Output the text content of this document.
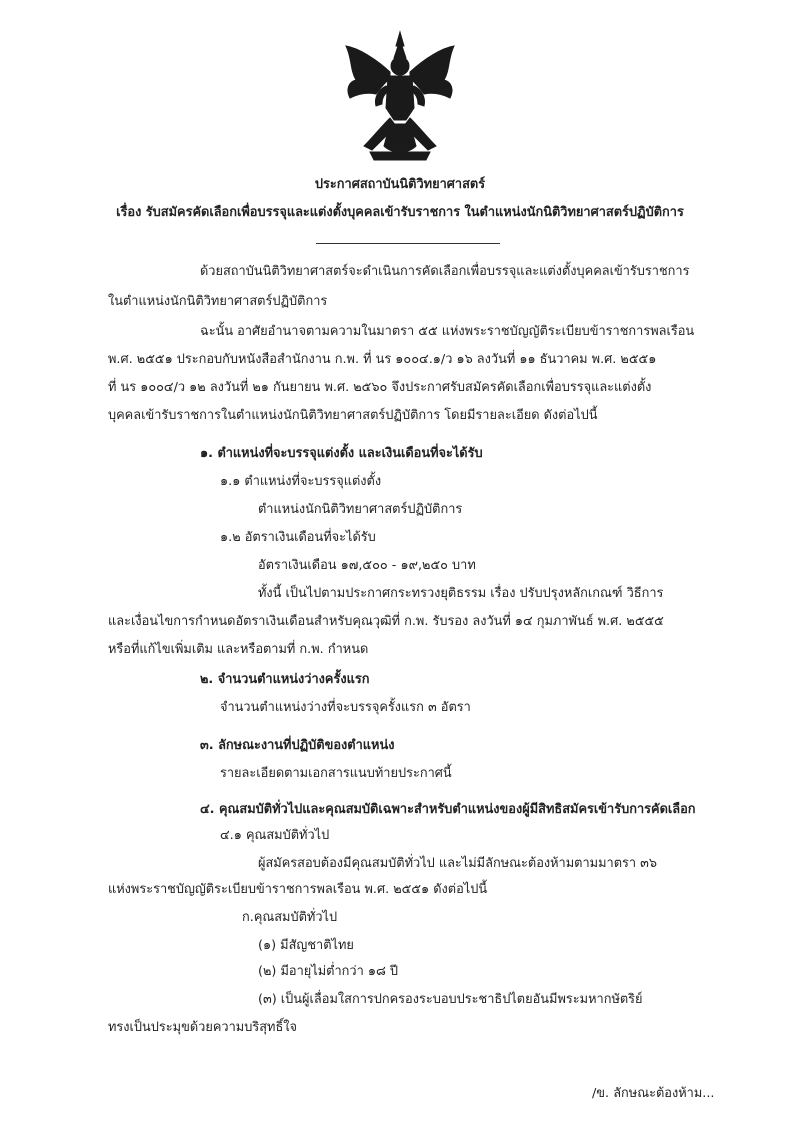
ประกาศสถาบันนิติวิทยาศาสตร์
เรื่อง รับสมัครคัดเลือกเพื่อบรรจุและแต่งตั้งบุคคลเข้ารับราชการ ในตำแหน่งนักนิติวิทยาศาสตร์ปฏิบัติการ
ด้วยสถาบันนิติวิทยาศาสตร์จะดำเนินการคัดเลือกเพื่อบรรจุและแต่งตั้งบุคคลเข้ารับราชการ
ในตำแหน่งนักนิติวิทยาศาสตร์ปฏิบัติการ
ฉะนั้น อาศัยอำนาจตามความในมาตรา ๕๕ แห่งพระราชบัญญัติระเบียบข้าราชการพลเรือน
พ.ศ. ๒๕๕๑ ประกอบกับหนังสือสำนักงาน ก.พ. ที่ นร ๑๐๐๔.๑/ว ๑๖ ลงวันที่ ๑๑ ธันวาคม พ.ศ. ๒๕๕๑
ที่ นร ๑๐๐๔/ว ๑๒ ลงวันที่ ๒๑ กันยายน พ.ศ. ๒๕๖๐ จึงประกาศรับสมัครคัดเลือกเพื่อบรรจุและแต่งตั้ง
บุคคลเข้ารับราชการในตำแหน่งนักนิติวิทยาศาสตร์ปฏิบัติการ โดยมีรายละเอียด ดังต่อไปนี้
๑. ตำแหน่งที่จะบรรจุแต่งตั้ง และเงินเดือนที่จะได้รับ
๑.๑ ตำแหน่งที่จะบรรจุแต่งตั้ง
ตำแหน่งนักนิติวิทยาศาสตร์ปฏิบัติการ
๑.๒ อัตราเงินเดือนที่จะได้รับ
อัตราเงินเดือน ๑๗,๕๐๐ - ๑๙,๒๕๐ บาท
ทั้งนี้ เป็นไปตามประกาศกระทรวงยุติธรรม เรื่อง ปรับปรุงหลักเกณฑ์ วิธีการ
และเงื่อนไขการกำหนดอัตราเงินเดือนสำหรับคุณวุฒิที่ ก.พ. รับรอง ลงวันที่ ๑๔ กุมภาพันธ์ พ.ศ. ๒๕๕๕
หรือที่แก้ไขเพิ่มเติม และหรือตามที่ ก.พ. กำหนด
๒. จำนวนตำแหน่งว่างครั้งแรก
จำนวนตำแหน่งว่างที่จะบรรจุครั้งแรก ๓ อัตรา
๓. ลักษณะงานที่ปฏิบัติของตำแหน่ง
รายละเอียดตามเอกสารแนบท้ายประกาศนี้
๔. คุณสมบัติทั่วไปและคุณสมบัติเฉพาะสำหรับตำแหน่งของผู้มีสิทธิสมัครเข้ารับการคัดเลือก
๔.๑ คุณสมบัติทั่วไป
ผู้สมัครสอบต้องมีคุณสมบัติทั่วไป และไม่มีลักษณะต้องห้ามตามมาตรา ๓๖
แห่งพระราชบัญญัติระเบียบข้าราชการพลเรือน พ.ศ. ๒๕๕๑ ดังต่อไปนี้
ก.คุณสมบัติทั่วไป
(๑) มีสัญชาติไทย
(๒) มีอายุไม่ต่ำกว่า ๑๘ ปี
(๓) เป็นผู้เลื่อมใสการปกครองระบอบประชาธิปไตยอันมีพระมหากษัตริย์
ทรงเป็นประมุขด้วยความบริสุทธิ์ใจ
/ข. ลักษณะต้องห้าม...
